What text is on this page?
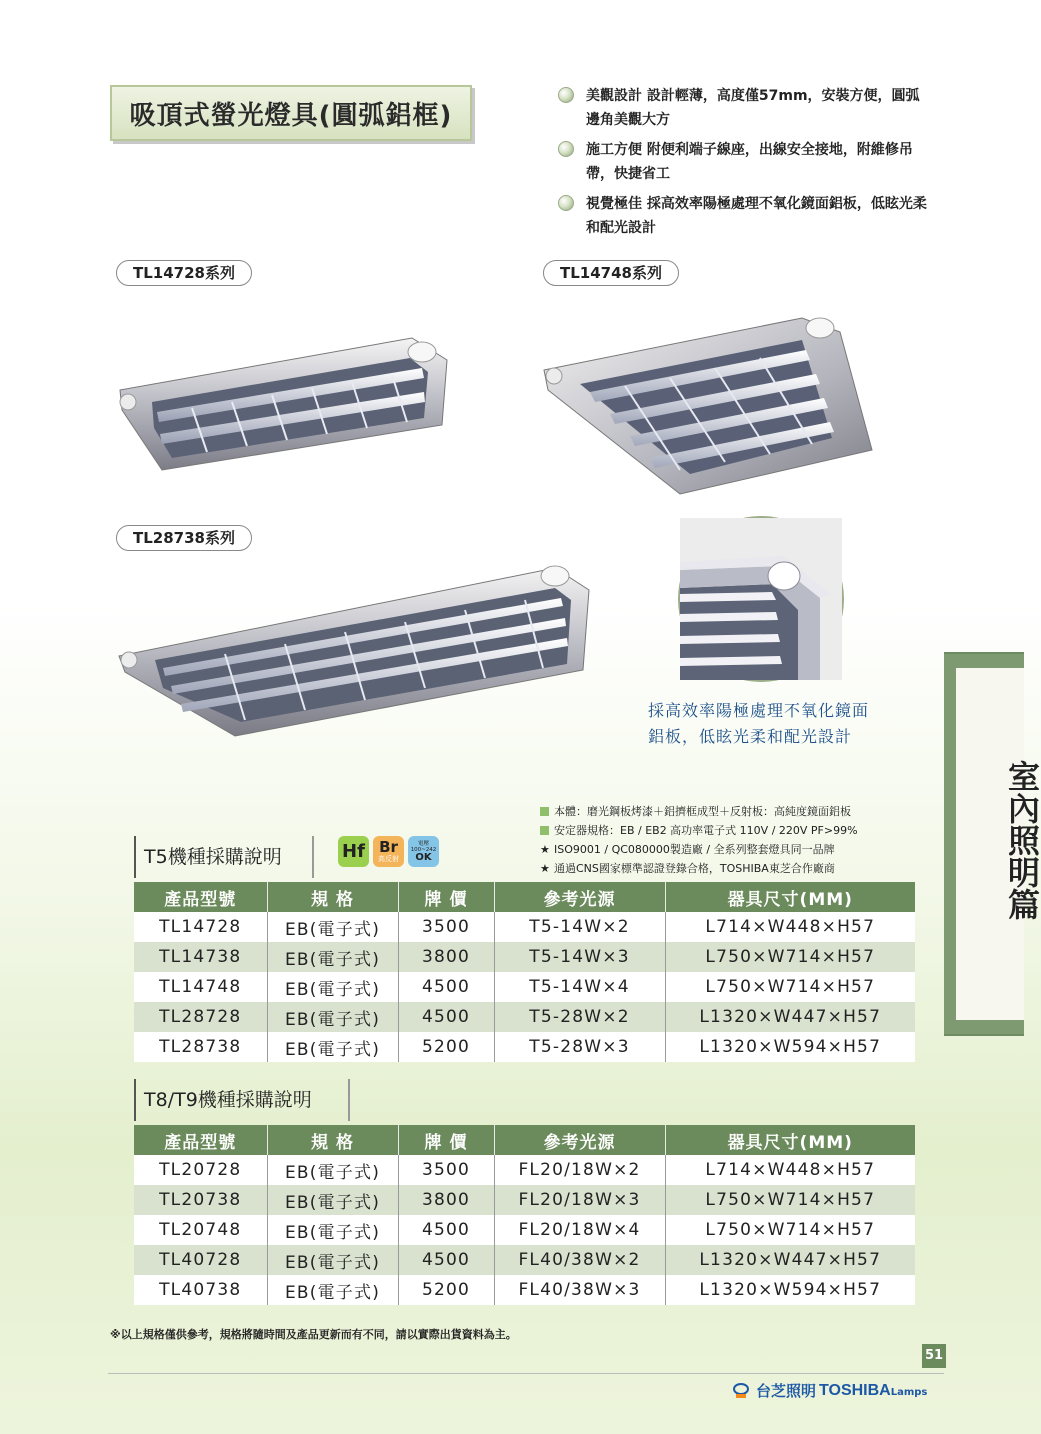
吸頂式螢光燈具(圓弧鋁框)
美觀設計 設計輕薄，高度僅57mm，安裝方便，圓弧邊角美觀大方
施工方便 附便利端子線座，出線安全接地，附維修吊帶，快捷省工
視覺極佳 採高效率陽極處理不氧化鏡面鋁板，低眩光柔和配光設計
TL14728系列	TL14748系列
TL28738系列
採高效率陽極處理不氧化鏡面
鋁板，低眩光柔和配光設計
本體：磨光鋼板烤漆＋鋁擠框成型＋反射板：高純度鏡面鋁板
安定器規格：EB / EB2 高功率電子式 110V / 220V PF>99%
★ ISO9001 / QC080000製造廠 / 全系列整套燈具同一品牌
★ 通過CNS國家標準認證登錄合格，TOSHIBA東芝合作廠商
T5機種採購說明	Hf Br
高反射
電壓
100~242
OK
產品型號	規 格	牌 價	參考光源	器具尺寸(MM)
TL14728	EB(電子式)	3500	T5-14W×2	L714×W448×H57
TL14738	EB(電子式)	3800	T5-14W×3	L750×W714×H57
TL14748	EB(電子式)	4500	T5-14W×4	L750×W714×H57
TL28728	EB(電子式)	4500	T5-28W×2	L1320×W447×H57
TL28738	EB(電子式)	5200	T5-28W×3	L1320×W594×H57
T8/T9機種採購說明
產品型號	規 格	牌 價	參考光源	器具尺寸(MM)
TL20728	EB(電子式)	3500	FL20/18W×2	L714×W448×H57
TL20738	EB(電子式)	3800	FL20/18W×3	L750×W714×H57
TL20748	EB(電子式)	4500	FL20/18W×4	L750×W714×H57
TL40728	EB(電子式)	4500	FL40/38W×2	L1320×W447×H57
TL40738	EB(電子式)	5200	FL40/38W×3	L1320×W594×H57
※以上規格僅供參考，規格將隨時間及產品更新而有不同，請以實際出貨資料為主。
51
台芝照明 TOSHIBA Lamps
室內照明篇
